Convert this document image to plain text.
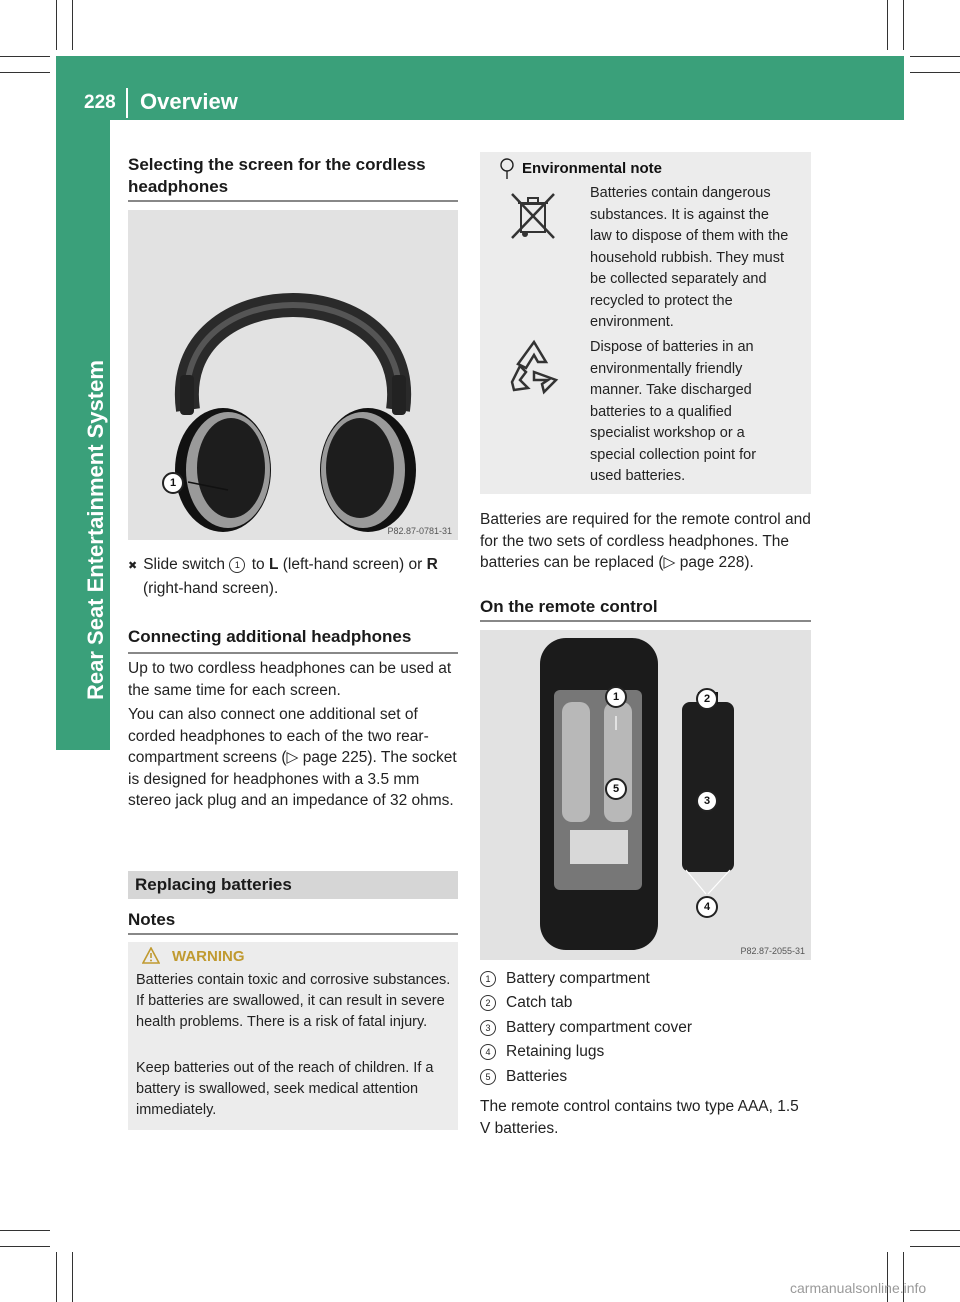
228 Overview
Rear Seat Entertainment System
Selecting the screen for the cordless headphones
1
P82.87-0781-31
✖ Slide switch 1 to L (left-hand screen) or R
(right-hand screen).
Connecting additional headphones
Up to two cordless headphones can be used at the same time for each screen.
You can also connect one additional set of corded headphones to each of the two rear-compartment screens (▷ page 225). The socket is designed for headphones with a 3.5 mm stereo jack plug and an impedance of 32 ohms.
Replacing batteries
Notes
WARNING
Batteries contain toxic and corrosive substances. If batteries are swallowed, it can result in severe health problems. There is a risk of fatal injury.
Keep batteries out of the reach of children. If a battery is swallowed, seek medical attention immediately.
Environmental note
Batteries contain dangerous substances. It is against the law to dispose of them with the household rubbish. They must be collected separately and recycled to protect the environment.
Dispose of batteries in an environmentally friendly manner. Take discharged batteries to a qualified specialist workshop or a special collection point for used batteries.
Batteries are required for the remote control and for the two sets of cordless headphones. The batteries can be replaced (▷ page 228).
On the remote control
1	2
3
4
5
P82.87-2055-31
1 Battery compartment
2 Catch tab
3 Battery compartment cover
4 Retaining lugs
5 Batteries
The remote control contains two type AAA, 1.5 V batteries.
carmanualsonline.info
